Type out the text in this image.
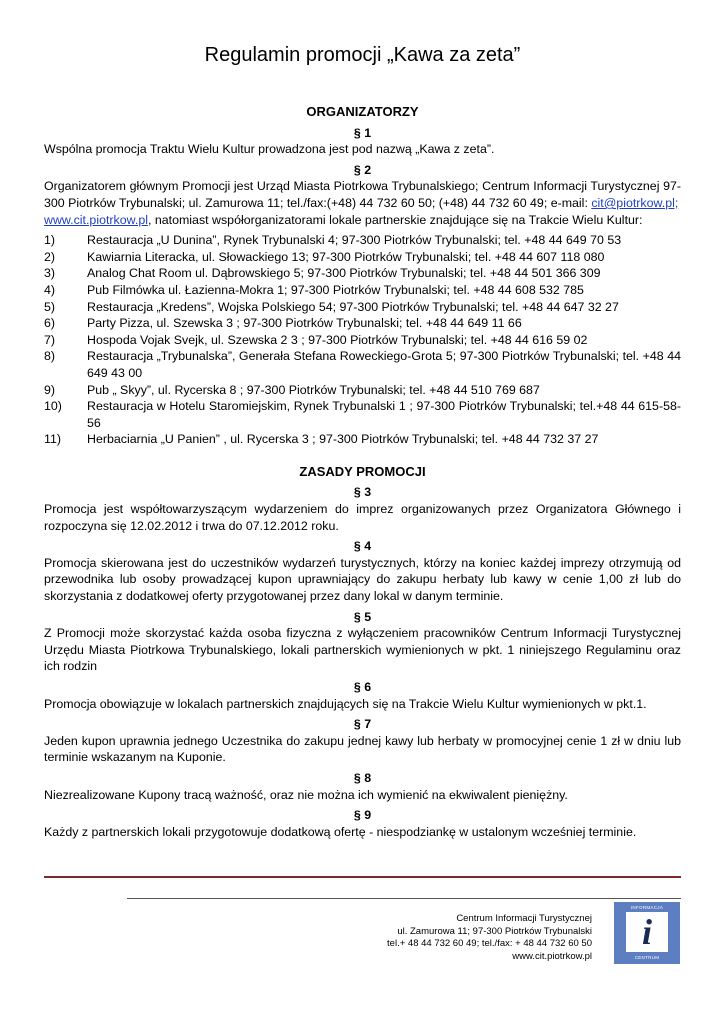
Regulamin promocji „Kawa za zeta”
ORGANIZATORZY
§ 1
Wspólna promocja Traktu Wielu Kultur prowadzona jest pod nazwą „Kawa z zeta”.
§ 2
Organizatorem głównym Promocji jest Urząd Miasta Piotrkowa Trybunalskiego; Centrum Informacji Turystycznej 97-300 Piotrków Trybunalski; ul. Zamurowa 11; tel./fax:(+48) 44 732 60 50; (+48) 44 732 60 49; e-mail: cit@piotrkow.pl;
www.cit.piotrkow.pl, natomiast współorganizatorami lokale partnerskie znajdujące się na Trakcie Wielu Kultur:
1)	Restauracja „U Dunina”, Rynek Trybunalski 4; 97-300 Piotrków Trybunalski; tel. +48 44 649 70 53
2)	Kawiarnia Literacka, ul. Słowackiego 13; 97-300 Piotrków Trybunalski; tel. +48 44 607 118 080
3)	Analog Chat Room ul. Dąbrowskiego 5; 97-300 Piotrków Trybunalski; tel. +48 44 501 366 309
4)	Pub Filmówka ul. Łazienna-Mokra 1; 97-300 Piotrków Trybunalski; tel. +48 44 608 532 785
5)	Restauracja „Kredens”, Wojska Polskiego 54; 97-300 Piotrków Trybunalski; tel. +48 44 647 32 27
6)	Party Pizza, ul. Szewska 3 ; 97-300 Piotrków Trybunalski; tel. +48 44 649 11 66
7)	Hospoda Vojak Svejk, ul. Szewska 2 3 ; 97-300 Piotrków Trybunalski; tel. +48 44 616 59 02
8)	Restauracja „Trybunalska”, Generała Stefana Roweckiego-Grota 5; 97-300 Piotrków Trybunalski; tel. +48 44 649 43 00
9)	Pub „ Skyy”, ul. Rycerska 8 ; 97-300 Piotrków Trybunalski; tel. +48 44 510 769 687
10)	Restauracja w Hotelu Staromiejskim, Rynek Trybunalski 1 ; 97-300 Piotrków Trybunalski; tel.+48 44 615-58-56
11)	Herbaciarnia „U Panien” , ul. Rycerska 3 ; 97-300 Piotrków Trybunalski; tel. +48 44 732 37 27
ZASADY PROMOCJI
§ 3
Promocja jest współtowarzyszącym wydarzeniem do imprez organizowanych przez Organizatora Głównego i rozpoczyna się 12.02.2012 i trwa do 07.12.2012 roku.
§ 4
Promocja skierowana jest do uczestników wydarzeń turystycznych, którzy na koniec każdej imprezy otrzymują od przewodnika lub osoby prowadzącej kupon uprawniający do zakupu herbaty lub kawy w cenie 1,00 zł lub do skorzystania z dodatkowej oferty przygotowanej przez dany lokal w danym terminie.
§ 5
Z Promocji może skorzystać każda osoba fizyczna z wyłączeniem pracowników Centrum Informacji Turystycznej Urzędu Miasta Piotrkowa Trybunalskiego, lokali partnerskich wymienionych w pkt. 1 niniejszego Regulaminu oraz ich rodzin
§ 6
Promocja obowiązuje w lokalach partnerskich znajdujących się na Trakcie Wielu Kultur wymienionych w pkt.1.
§ 7
Jeden kupon uprawnia jednego Uczestnika do zakupu jednej kawy lub herbaty w promocyjnej cenie 1 zł w dniu lub terminie wskazanym na Kuponie.
§ 8
Niezrealizowane Kupony tracą ważność, oraz nie można ich wymienić na ekwiwalent pieniężny.
§ 9
Każdy z partnerskich lokali przygotowuje dodatkową ofertę - niespodziankę w ustalonym wcześniej terminie.
Centrum Informacji Turystycznej
ul. Zamurowa 11; 97-300 Piotrków Trybunalski
tel.+ 48 44 732 60 49; tel./fax: + 48 44 732 60 50
www.cit.piotrkow.pl
INFORMACJA
i
CENTRUM
